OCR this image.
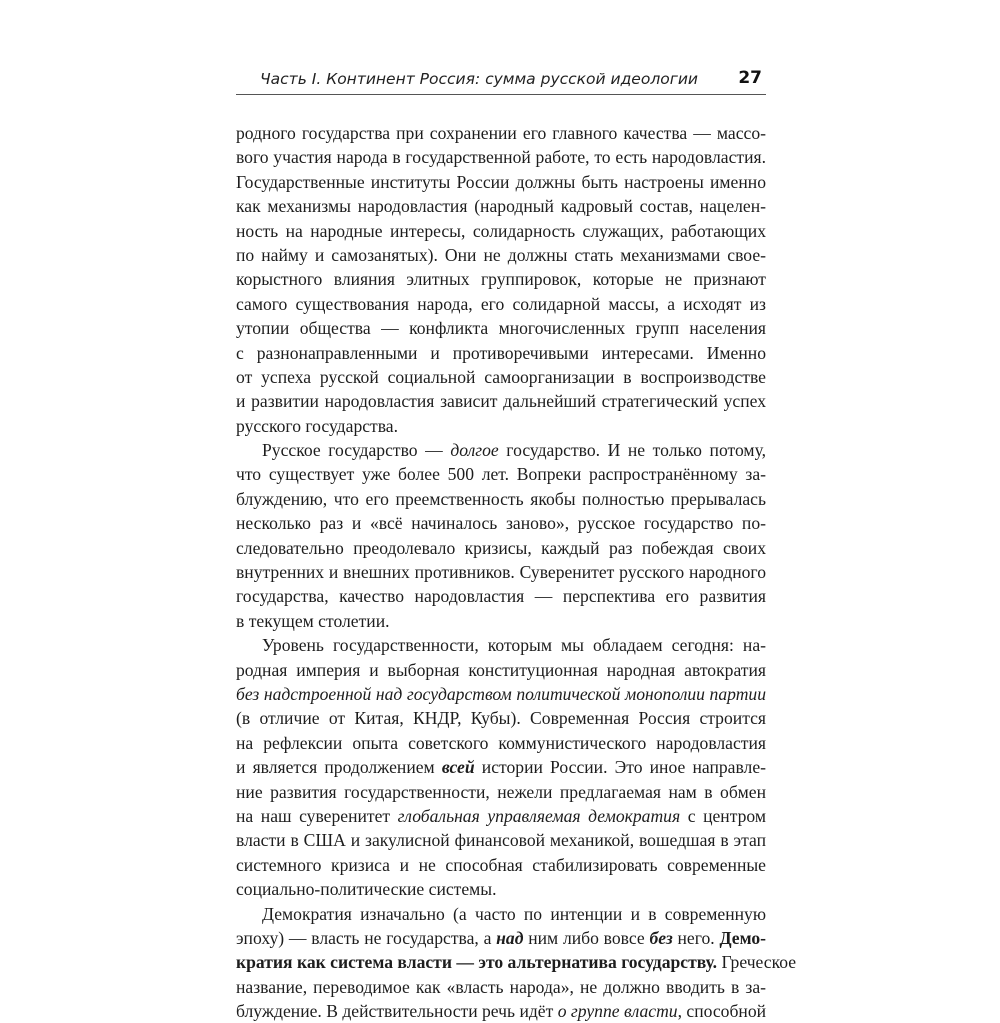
Часть I. Континент Россия: сумма русской идеологии 27
родного государства при сохранении его главного качества — массо-
вого участия народа в государственной работе, то есть народовластия.
Государственные институты России должны быть настроены именно
как механизмы народовластия (народный кадровый состав, нацелен-
ность на народные интересы, солидарность служащих, работающих
по найму и самозанятых). Они не должны стать механизмами свое-
корыстного влияния элитных группировок, которые не признают
самого существования народа, его солидарной массы, а исходят из
утопии общества — конфликта многочисленных групп населения
с разнонаправленными и противоречивыми интересами. Именно
от успеха русской социальной самоорганизации в воспроизводстве
и развитии народовластия зависит дальнейший стратегический успех
русского государства.
Русское государство — долгое государство. И не только потому,
что существует уже более 500 лет. Вопреки распространённому за-
блуждению, что его преемственность якобы полностью прерывалась
несколько раз и «всё начиналось заново», русское государство по-
следовательно преодолевало кризисы, каждый раз побеждая своих
внутренних и внешних противников. Суверенитет русского народного
государства, качество народовластия — перспектива его развития
в текущем столетии.
Уровень государственности, которым мы обладаем сегодня: на-
родная империя и выборная конституционная народная автократия
без надстроенной над государством политической монополии партии
(в отличие от Китая, КНДР, Кубы). Современная Россия строится
на рефлексии опыта советского коммунистического народовластия
и является продолжением всей истории России. Это иное направле-
ние развития государственности, нежели предлагаемая нам в обмен
на наш суверенитет глобальная управляемая демократия с центром
власти в США и закулисной финансовой механикой, вошедшая в этап
системного кризиса и не способная стабилизировать современные
социально-политические системы.
Демократия изначально (а часто по интенции и в современную
эпоху) — власть не государства, а над ним либо вовсе без него. Демо-
кратия как система власти — это альтернатива государству. Греческое
название, переводимое как «власть народа», не должно вводить в за-
блуждение. В действительности речь идёт о группе власти, способной
